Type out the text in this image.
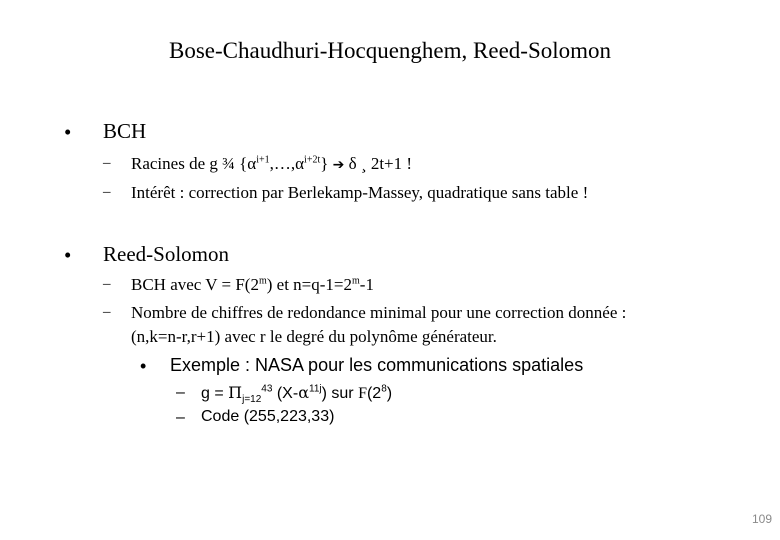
Bose-Chaudhuri-Hocquenghem, Reed-Solomon
• BCH
– Racines de g ¾ $\{\alpha^{i+1},\dots,\alpha^{i+2t}\}$ ➔ δ ¸ 2t+1 !
– Intérêt : correction par Berlekamp-Massey, quadratique sans table !
• Reed-Solomon
– BCH avec $V = F(2^m)$ et $n=q-1=2^m-1$
– Nombre de chiffres de redondance minimal pour une correction donnée :
(n,k=n-r,r+1) avec r le degré du polynôme générateur.
• Exemple : NASA pour les communications spatiales
– $g = \Pi_{j=12}^{43}$ $(X-\alpha^{11j})$ sur $F(2^8)$
– Code (255,223,33)
109
